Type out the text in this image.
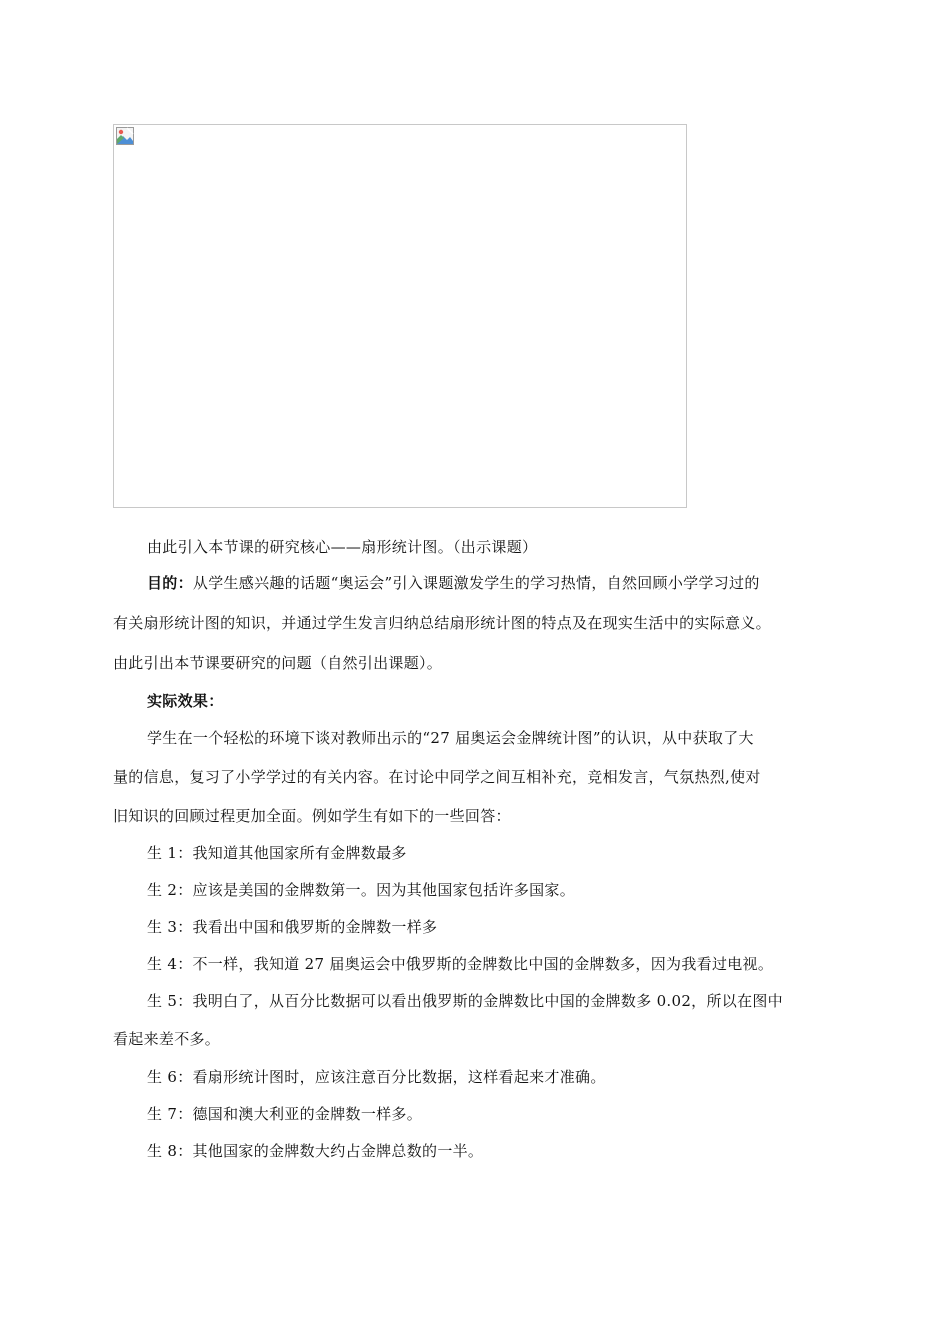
由此引入本节课的研究核心——扇形统计图。（出示课题）
目的：从学生感兴趣的话题“奥运会”引入课题激发学生的学习热情，自然回顾小学学习过的
有关扇形统计图的知识，并通过学生发言归纳总结扇形统计图的特点及在现实生活中的实际意义。
由此引出本节课要研究的问题（自然引出课题）。
实际效果：
学生在一个轻松的环境下谈对教师出示的“27 届奥运会金牌统计图”的认识，从中获取了大
量的信息，复习了小学学过的有关内容。在讨论中同学之间互相补充，竞相发言，气氛热烈,使对
旧知识的回顾过程更加全面。例如学生有如下的一些回答：
生 1：我知道其他国家所有金牌数最多
生 2：应该是美国的金牌数第一。因为其他国家包括许多国家。
生 3：我看出中国和俄罗斯的金牌数一样多
生 4：不一样，我知道 27 届奥运会中俄罗斯的金牌数比中国的金牌数多，因为我看过电视。
生 5：我明白了，从百分比数据可以看出俄罗斯的金牌数比中国的金牌数多 0.02，所以在图中
看起来差不多。
生 6：看扇形统计图时，应该注意百分比数据，这样看起来才准确。
生 7：德国和澳大利亚的金牌数一样多。
生 8：其他国家的金牌数大约占金牌总数的一半。
